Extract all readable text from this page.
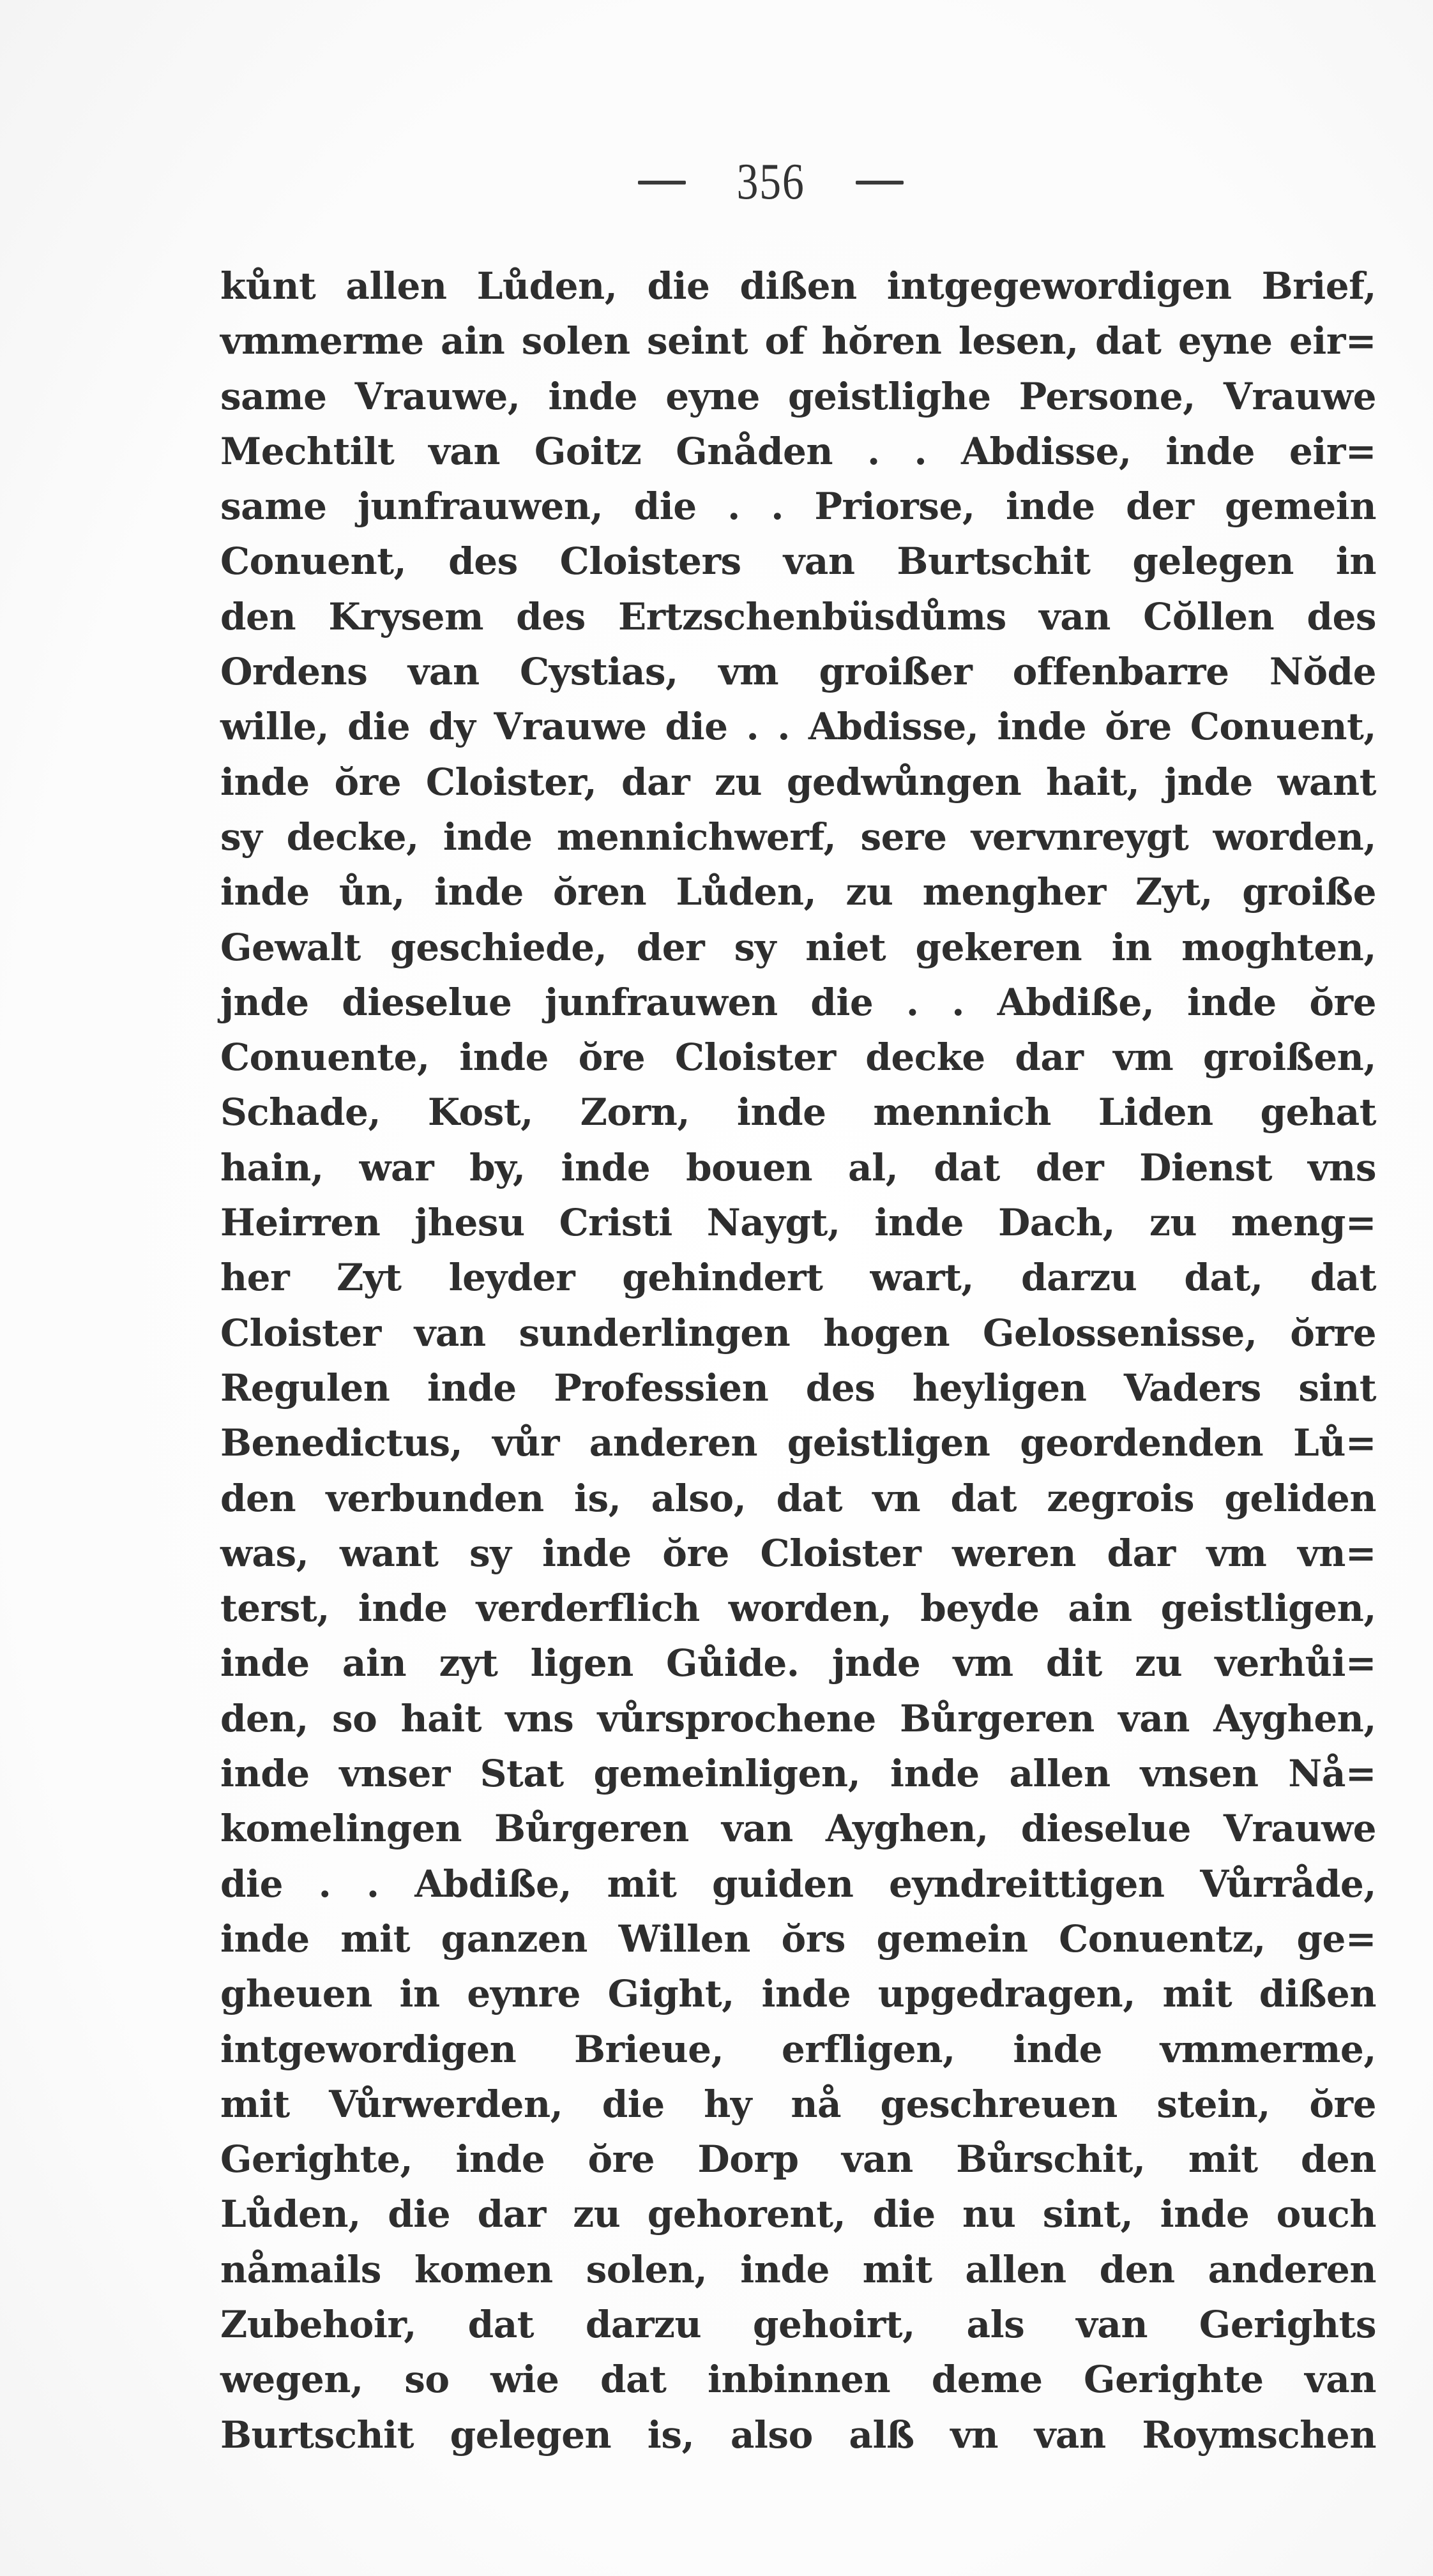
356
kůnt allen Lůden, die dißen intgegewordigen Brief,
vmmerme ain solen seint of hŏren lesen, dat eyne eir=
same Vrauwe, inde eyne geistlighe Persone, Vrauwe
Mechtilt van Goitz Gnåden . . Abdisse, inde eir=
same junfrauwen, die . . Priorse, inde der gemein
Conuent, des Cloisters van Burtschit gelegen in
den Krysem des Ertzschenbüsdůms van Cŏllen des
Ordens van Cystias, vm groißer offenbarre Nŏde
wille, die dy Vrauwe die . . Abdisse, inde ŏre Conuent,
inde ŏre Cloister, dar zu gedwůngen hait, jnde want
sy decke, inde mennichwerf, sere vervnreygt worden,
inde ůn, inde ŏren Lůden, zu mengher Zyt, groiße
Gewalt geschiede, der sy niet gekeren in moghten,
jnde dieselue junfrauwen die . . Abdiße, inde ŏre
Conuente, inde ŏre Cloister decke dar vm groißen,
Schade, Kost, Zorn, inde mennich Liden gehat
hain, war by, inde bouen al, dat der Dienst vns
Heirren jhesu Cristi Naygt, inde Dach, zu meng=
her Zyt leyder gehindert wart, darzu dat, dat
Cloister van sunderlingen hogen Gelossenisse, ŏrre
Regulen inde Professien des heyligen Vaders sint
Benedictus, vůr anderen geistligen geordenden Lů=
den verbunden is, also, dat vn dat zegrois geliden
was, want sy inde ŏre Cloister weren dar vm vn=
terst, inde verderflich worden, beyde ain geistligen,
inde ain zyt ligen Gůide. jnde vm dit zu verhůi=
den, so hait vns vůrsprochene Bůrgeren van Ayghen,
inde vnser Stat gemeinligen, inde allen vnsen Nå=
komelingen Bůrgeren van Ayghen, dieselue Vrauwe
die . . Abdiße, mit guiden eyndreittigen Vůrråde,
inde mit ganzen Willen ŏrs gemein Conuentz, ge=
gheuen in eynre Gight, inde upgedragen, mit dißen
intgewordigen Brieue, erfligen, inde vmmerme,
mit Vůrwerden, die hy nå geschreuen stein, ŏre
Gerighte, inde ŏre Dorp van Bůrschit, mit den
Lůden, die dar zu gehorent, die nu sint, inde ouch
nåmails komen solen, inde mit allen den anderen
Zubehoir, dat darzu gehoirt, als van Gerights
wegen, so wie dat inbinnen deme Gerighte van
Burtschit gelegen is, also alß vn van Roymschen
